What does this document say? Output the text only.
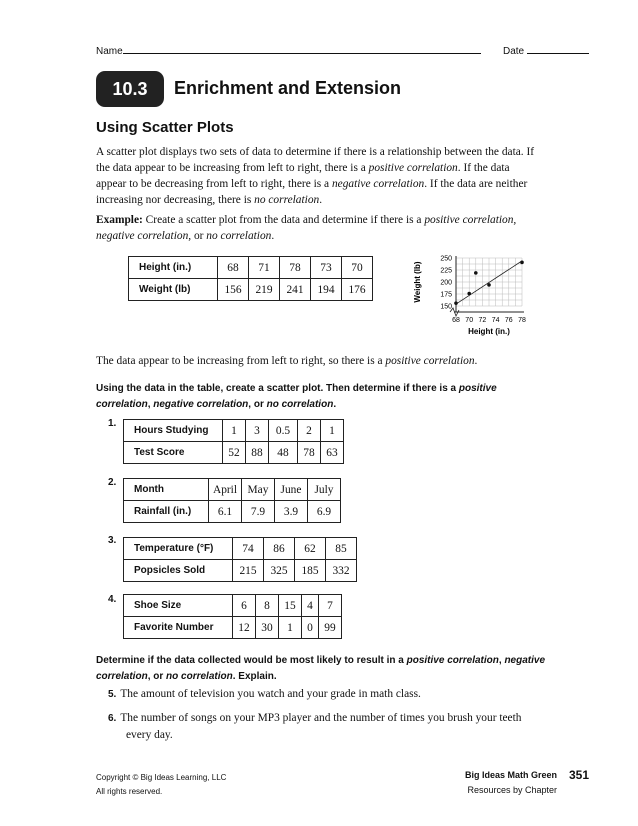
Name	Date
10.3	Enrichment and Extension
Using Scatter Plots
A scatter plot displays two sets of data to determine if there is a relationship between the data. If the data appear to be increasing from left to right, there is a positive correlation. If the data appear to be decreasing from left to right, there is a negative correlation. If the data are neither increasing nor decreasing, there is no correlation.
Example: Create a scatter plot from the data and determine if there is a positive correlation, negative correlation, or no correlation.
Height (in.)	68	71	78	73	70
Weight (lb)	156	219	241	194	176
68 70 72 74 76 78
150
175
200
225
250
Height (in.)
Weight (lb)
The data appear to be increasing from left to right, so there is a positive correlation.
Using the data in the table, create a scatter plot. Then determine if there is a positive correlation, negative correlation, or no correlation.
1.
Hours Studying	1	3	0.5	2	1
Test Score	52	88	48	78	63
2.
Month	April	May	June	July
Rainfall (in.)	6.1	7.9	3.9	6.9
3.
Temperature (°F)	74	86	62	85
Popsicles Sold	215	325	185	332
4.
Shoe Size	6	8	15	4	7
Favorite Number	12	30	1	0	99
Determine if the data collected would be most likely to result in a positive correlation, negative correlation, or no correlation. Explain.
5. The amount of television you watch and your grade in math class.
6. The number of songs on your MP3 player and the number of times you brush your teeth every day.
Copyright © Big Ideas Learning, LLC
All rights reserved.
Big Ideas Math Green
Resources by Chapter
351
